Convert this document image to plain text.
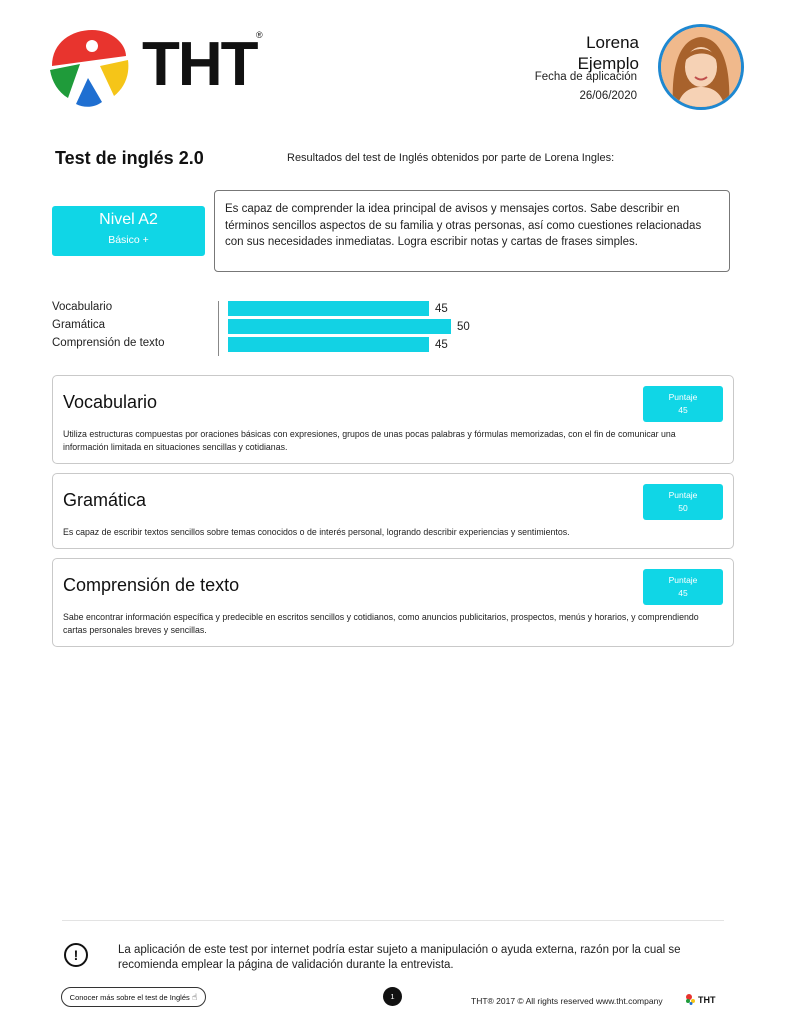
THT ®	Lorena
Ejemplo
Fecha de aplicación
26/06/2020
Test de inglés 2.0	Resultados del test de Inglés obtenidos por parte de Lorena Ingles:
Nivel A2
Básico +
Es capaz de comprender la idea principal de avisos y mensajes cortos. Sabe describir en términos sencillos aspectos de su familia y otras personas, así como cuestiones relacionadas con sus necesidades inmediatas. Logra escribir notas y cartas de frases simples.
Vocabulario
Gramática
Comprensión de texto
45
50
45
Vocabulario	Puntaje
45
Utiliza estructuras compuestas por oraciones básicas con expresiones, grupos de unas pocas palabras y fórmulas memorizadas, con el fin de comunicar una información limitada en situaciones sencillas y cotidianas.
Gramática	Puntaje
50
Es capaz de escribir textos sencillos sobre temas conocidos o de interés personal, logrando describir experiencias y sentimientos.
Comprensión de texto	Puntaje
45
Sabe encontrar información específica y predecible en escritos sencillos y cotidianos, como anuncios publicitarios, prospectos, menús y horarios, y comprendiendo cartas personales breves y sencillas.
!	La aplicación de este test por internet podría estar sujeto a manipulación o ayuda externa, razón por la cual se recomienda emplear la página de validación durante la entrevista.
Conocer más sobre el test de Inglés ☝	1	THT® 2017 © All rights reserved www.tht.company	THT
